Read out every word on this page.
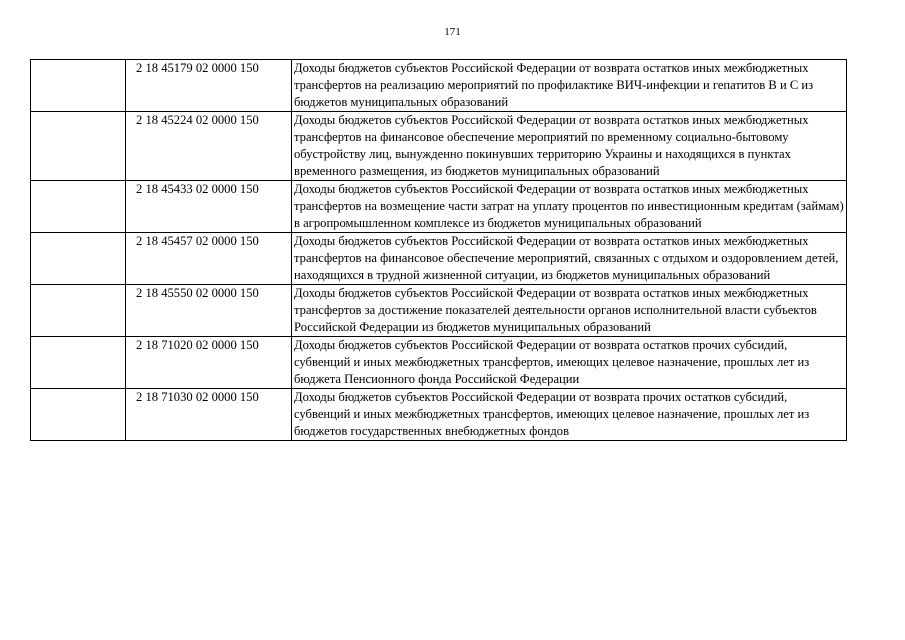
171
	2 18 45179 02 0000 150	Доходы бюджетов субъектов Российской Федерации от возврата остатков иных межбюджетных трансфертов на реализацию мероприятий по профилактике ВИЧ-инфекции и гепатитов В и С из бюджетов муниципальных образований
	2 18 45224 02 0000 150	Доходы бюджетов субъектов Российской Федерации от возврата остатков иных межбюджетных трансфертов на финансовое обеспечение мероприятий по временному социально-бытовому обустройству лиц, вынужденно покинувших территорию Украины и находящихся в пунктах временного размещения, из бюджетов муниципальных образований
	2 18 45433 02 0000 150	Доходы бюджетов субъектов Российской Федерации от возврата остатков иных межбюджетных трансфертов на возмещение части затрат на уплату процентов по инвестиционным кредитам (займам) в агропромышленном комплексе из бюджетов муниципальных образований
	2 18 45457 02 0000 150	Доходы бюджетов субъектов Российской Федерации от возврата остатков иных межбюджетных трансфертов на финансовое обеспечение мероприятий, связанных с отдыхом и оздоровлением детей, находящихся в трудной жизненной ситуации, из бюджетов муниципальных образований
	2 18 45550 02 0000 150	Доходы бюджетов субъектов Российской Федерации от возврата остатков иных межбюджетных трансфертов за достижение показателей деятельности органов исполнительной власти субъектов Российской Федерации из бюджетов муниципальных образований
	2 18 71020 02 0000 150	Доходы бюджетов субъектов Российской Федерации от возврата остатков прочих субсидий, субвенций и иных межбюджетных трансфертов, имеющих целевое назначение, прошлых лет из бюджета Пенсионного фонда Российской Федерации
	2 18 71030 02 0000 150	Доходы бюджетов субъектов Российской Федерации от возврата прочих остатков субсидий, субвенций и иных межбюджетных трансфертов, имеющих целевое назначение, прошлых лет из бюджетов государственных внебюджетных фондов
